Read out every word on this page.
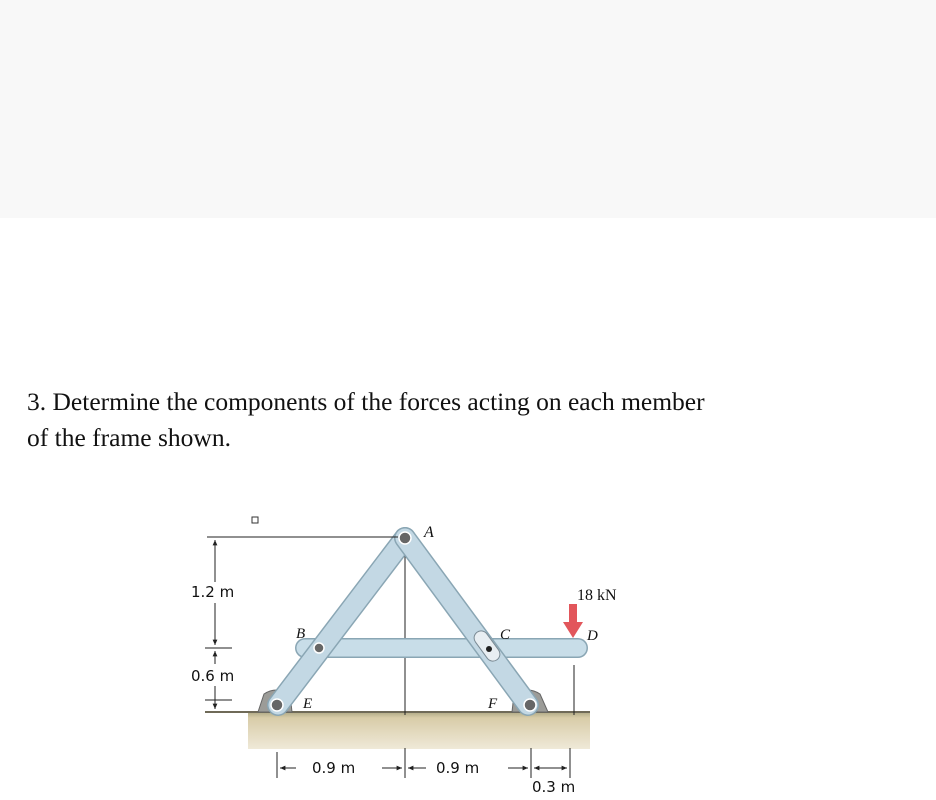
3. Determine the components of the forces acting on each member
of the frame shown.
A
B	C	D
E	F
18 kN
1.2 m
0.6 m
0.9 m	0.9 m
0.3 m
